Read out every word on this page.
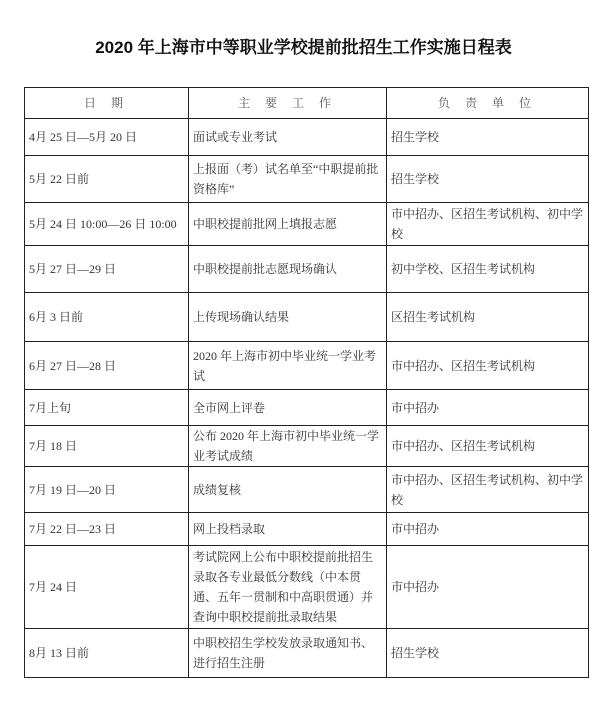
2020 年上海市中等职业学校提前批招生工作实施日程表
日 期	主 要 工 作	负 责 单 位
4月 25 日—5月 20 日	面试或专业考试	招生学校
5月 22 日前	上报面（考）试名单至“中职提前批资格库”	招生学校
5月 24 日 10:00—26 日 10:00	中职校提前批网上填报志愿	市中招办、区招生考试机构、初中学校
5月 27 日—29 日	中职校提前批志愿现场确认	初中学校、区招生考试机构
6月 3 日前	上传现场确认结果	区招生考试机构
6月 27 日—28 日	2020 年上海市初中毕业统一学业考试	市中招办、区招生考试机构
7月上旬	全市网上评卷	市中招办
7月 18 日	公布 2020 年上海市初中毕业统一学业考试成绩	市中招办、区招生考试机构
7月 19 日—20 日	成绩复核	市中招办、区招生考试机构、初中学校
7月 22 日—23 日	网上投档录取	市中招办
7月 24 日	考试院网上公布中职校提前批招生录取各专业最低分数线（中本贯通、五年一贯制和中高职贯通）并查询中职校提前批录取结果	市中招办
8月 13 日前	中职校招生学校发放录取通知书、进行招生注册	招生学校
